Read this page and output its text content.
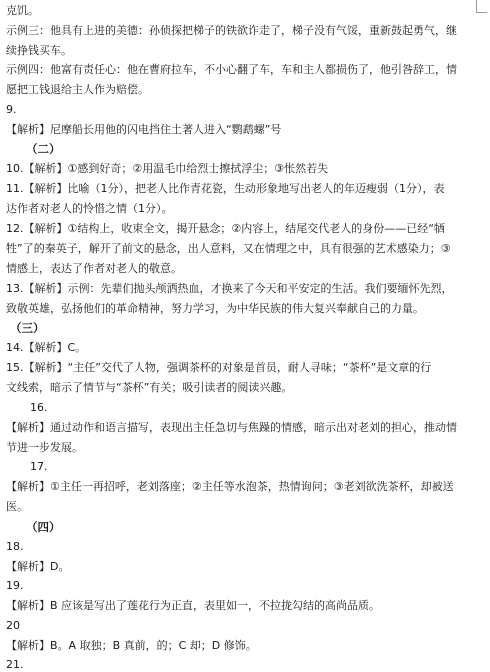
克饥。
示例三：他具有上进的美德：孙侦探把梯子的铁欲诈走了，梯子没有气馁，重新鼓起勇气，继
续挣钱买车。
示例四：他富有责任心：他在曹府拉车，不小心翻了车，车和主人都损伤了，他引咎辞工，情
愿把工钱退给主人作为赔偿。
9.
【解析】尼摩船长用他的闪电挡住土著人进入“鹦鹉螺”号
（二）
10.【解析】①感到好奇；②用温毛巾给烈士擦拭浮尘；③怅然若失
11.【解析】比喻（1分），把老人比作青花瓷，生动形象地写出老人的年迈瘦弱（1分），表
达作者对老人的怜惜之情（1分）。
12.【解析】①结构上，收束全文，揭开悬念；②内容上，结尾交代老人的身份——已经“牺
牲”了的秦英子，解开了前文的悬念，出人意料，又在情理之中，具有很强的艺术感染力；③
情感上，表达了作者对老人的敬意。
13.【解析】示例：先辈们抛头颅洒热血，才换来了今天和平安定的生活。我们要缅怀先烈，
致敬英雄，弘扬他们的革命精神，努力学习，为中华民族的伟大复兴奉献自己的力量。
（三）
14.【解析】C。
15.【解析】“主任”交代了人物，强调茶杯的对象是首员，耐人寻味；“茶杯”是文章的行
文线索，暗示了情节与“茶杯”有关；吸引读者的阅读兴趣。
16.
【解析】通过动作和语言描写，表现出主任急切与焦躁的情感，暗示出对老刘的担心，推动情
节进一步发展。
17.
【解析】①主任一再招呼，老刘落座；②主任等水泡茶，热情询问；③老刘欲洗茶杯，却被送
医。
（四）
18.
【解析】D。
19.
【解析】B 应该是写出了莲花行为正直，表里如一，不拉拢勾结的高尚品质。
20
【解析】B。A 取独；B 真前，的；C 却；D 修饰。
21.
